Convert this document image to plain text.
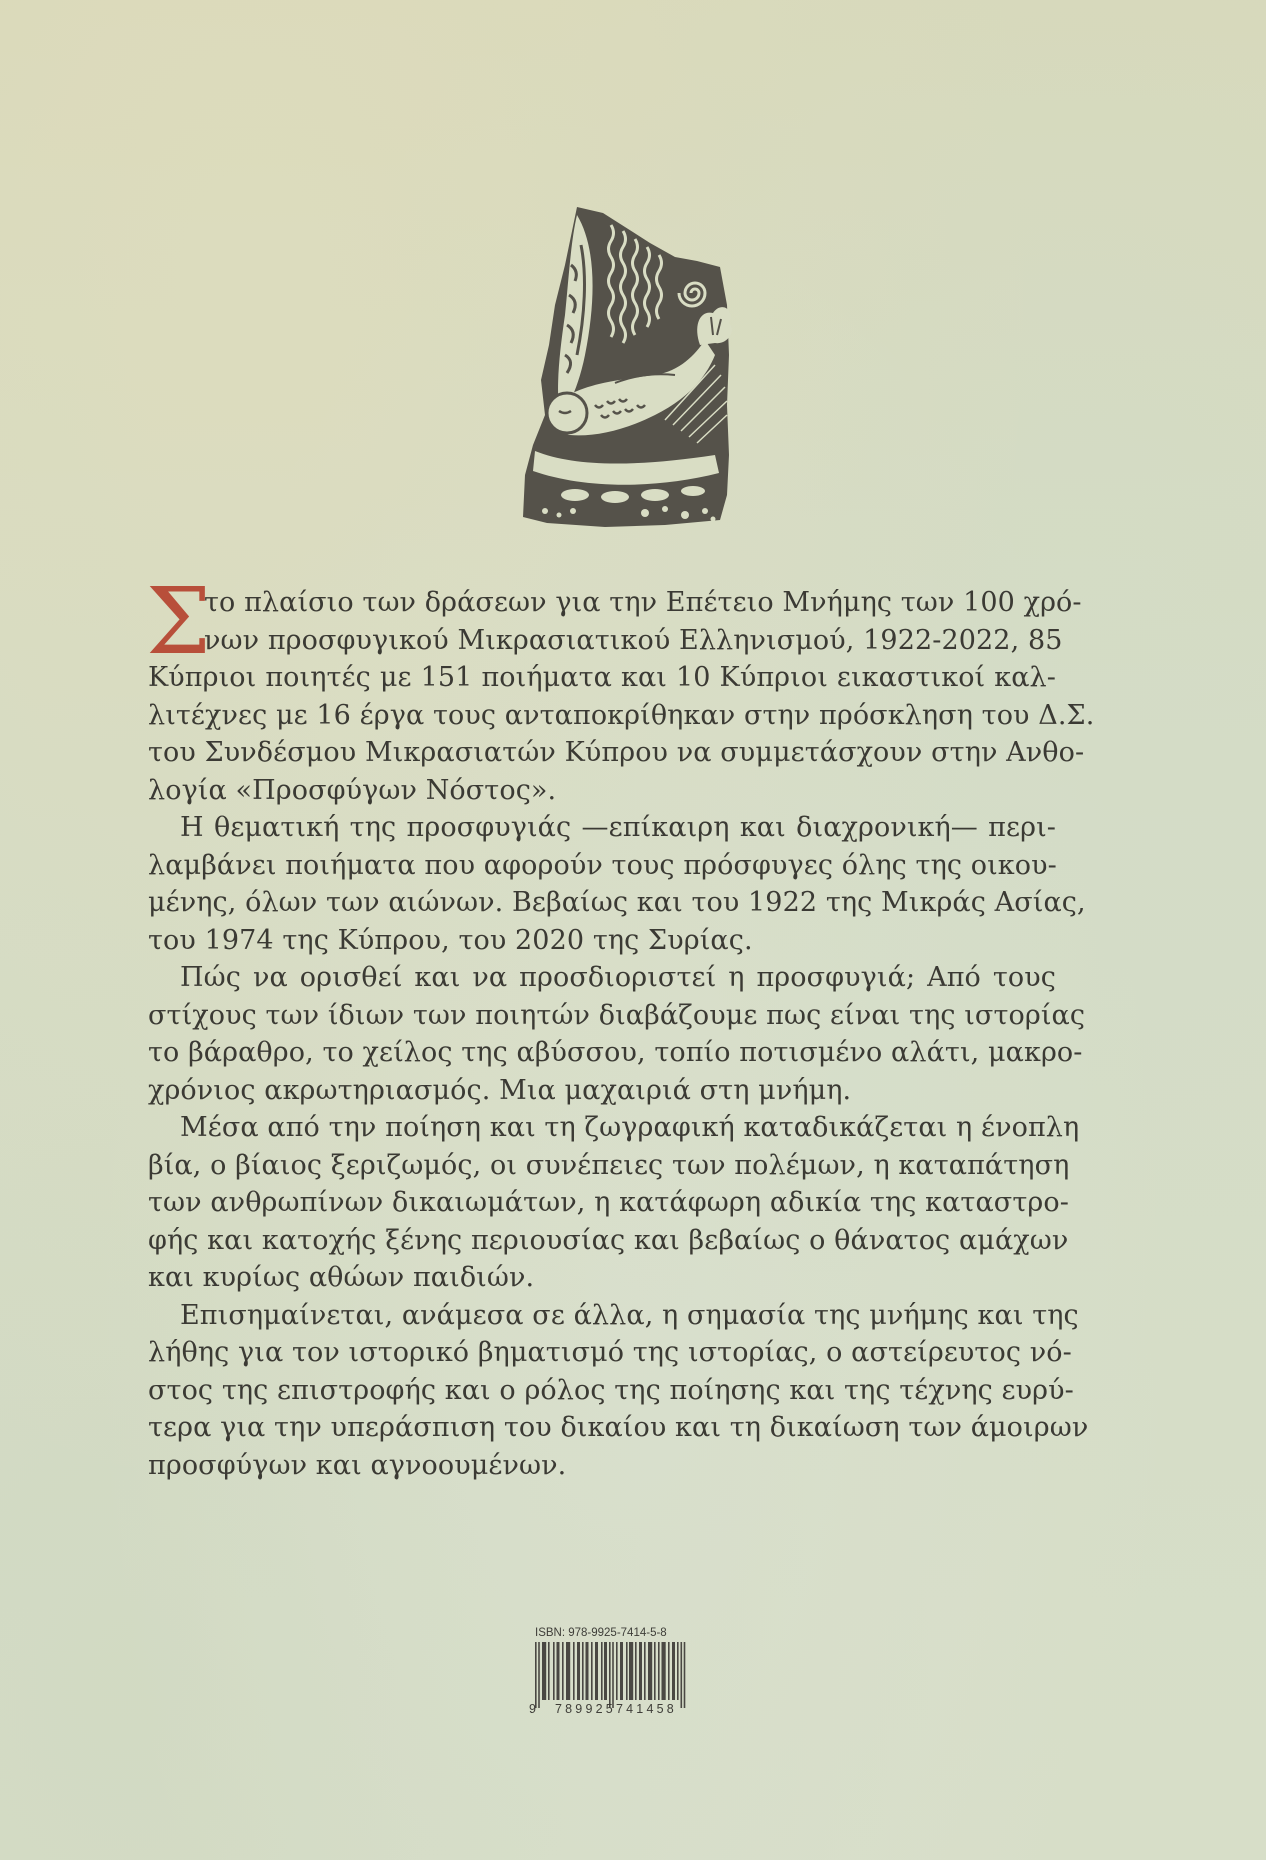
Σ
το πλαίσιο των δράσεων για την Επέτειο Μνήμης των 100 χρό-
νων προσφυγικού Μικρασιατικού Ελληνισμού, 1922-2022, 85
Κύπριοι ποιητές με 151 ποιήματα και 10 Κύπριοι εικαστικοί καλ-
λιτέχνες με 16 έργα τους ανταποκρίθηκαν στην πρόσκληση του Δ.Σ.
του Συνδέσμου Μικρασιατών Κύπρου να συμμετάσχουν στην Ανθο-
λογία «Προσφύγων Νόστος».
Η θεματική της προσφυγιάς —επίκαιρη και διαχρονική— περι-
λαμβάνει ποιήματα που αφορούν τους πρόσφυγες όλης της οικου-
μένης, όλων των αιώνων. Βεβαίως και του 1922 της Μικράς Ασίας,
του 1974 της Κύπρου, του 2020 της Συρίας.
Πώς να ορισθεί και να προσδιοριστεί η προσφυγιά; Από τους
στίχους των ίδιων των ποιητών διαβάζουμε πως είναι της ιστορίας
το βάραθρο, το χείλος της αβύσσου, τοπίο ποτισμένο αλάτι, μακρο-
χρόνιος ακρωτηριασμός. Μια μαχαιριά στη μνήμη.
Μέσα από την ποίηση και τη ζωγραφική καταδικάζεται η ένοπλη
βία, ο βίαιος ξεριζωμός, οι συνέπειες των πολέμων, η καταπάτηση
των ανθρωπίνων δικαιωμάτων, η κατάφωρη αδικία της καταστρο-
φής και κατοχής ξένης περιουσίας και βεβαίως ο θάνατος αμάχων
και κυρίως αθώων παιδιών.
Επισημαίνεται, ανάμεσα σε άλλα, η σημασία της μνήμης και της
λήθης για τον ιστορικό βηματισμό της ιστορίας, ο αστείρευτος νό-
στος της επιστροφής και ο ρόλος της ποίησης και της τέχνης ευρύ-
τερα για την υπεράσπιση του δικαίου και τη δικαίωση των άμοιρων
προσφύγων και αγνοουμένων.
ISBN: 978-9925-7414-5-8
9 789925 741458
